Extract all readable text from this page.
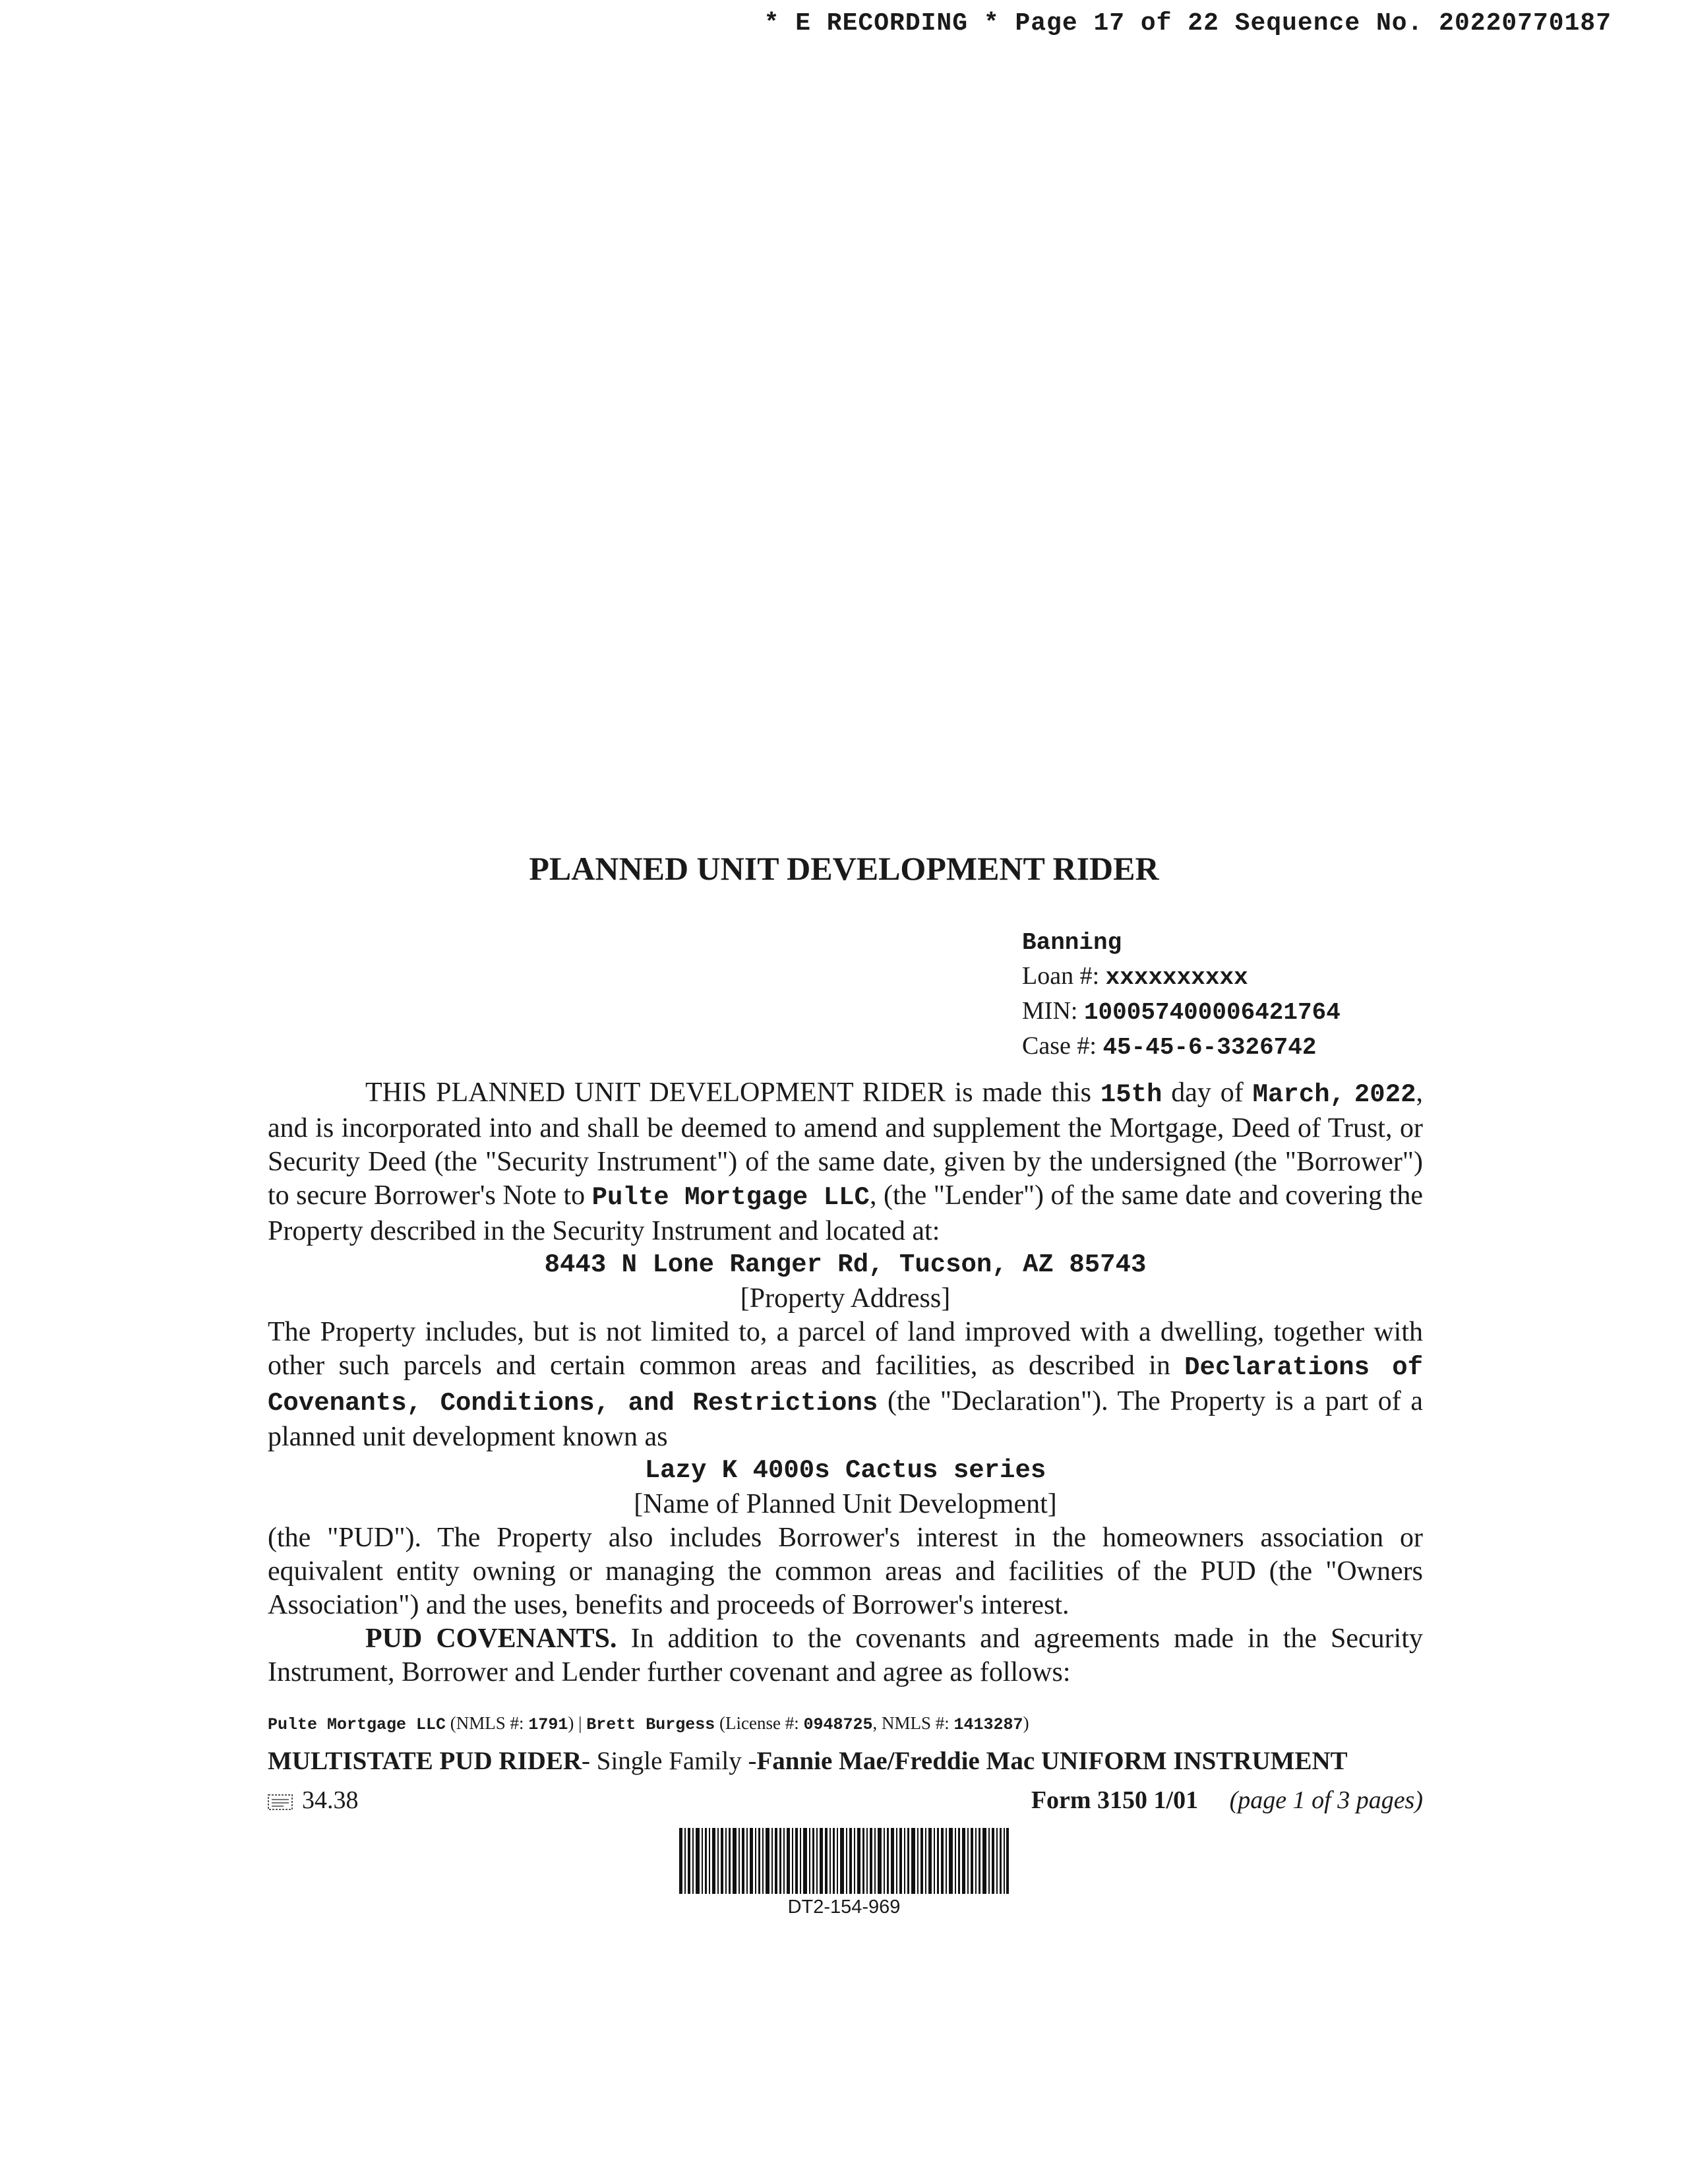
* E RECORDING * Page 17 of 22 Sequence No. 20220770187
PLANNED UNIT DEVELOPMENT RIDER
Banning
Loan #: xxxxxxxxxx
MIN: 100057400006421764
Case #: 45-45-6-3326742

THIS PLANNED UNIT DEVELOPMENT RIDER is made this 15th day of March, 2022, and is incorporated into and shall be deemed to amend and supplement the Mortgage, Deed of Trust, or Security Deed (the "Security Instrument") of the same date, given by the undersigned (the "Borrower") to secure Borrower's Note to Pulte Mortgage LLC, (the "Lender") of the same date and covering the Property described in the Security Instrument and located at:

8443 N Lone Ranger Rd, Tucson, AZ 85743

[Property Address]

The Property includes, but is not limited to, a parcel of land improved with a dwelling, together with other such parcels and certain common areas and facilities, as described in Declarations of Covenants, Conditions, and Restrictions (the "Declaration"). The Property is a part of a planned unit development known as

Lazy K 4000s Cactus series

[Name of Planned Unit Development]

(the "PUD"). The Property also includes Borrower's interest in the homeowners association or equivalent entity owning or managing the common areas and facilities of the PUD (the "Owners Association") and the uses, benefits and proceeds of Borrower's interest.

PUD COVENANTS. In addition to the covenants and agreements made in the Security Instrument, Borrower and Lender further covenant and agree as follows:

Pulte Mortgage LLC (NMLS #: 1791) | Brett Burgess (License #: 0948725, NMLS #: 1413287)
MULTISTATE PUD RIDER- Single Family -Fannie Mae/Freddie Mac UNIFORM INSTRUMENT
34.38	Form 3150 1/01 (page 1 of 3 pages)
DT2-154-969
